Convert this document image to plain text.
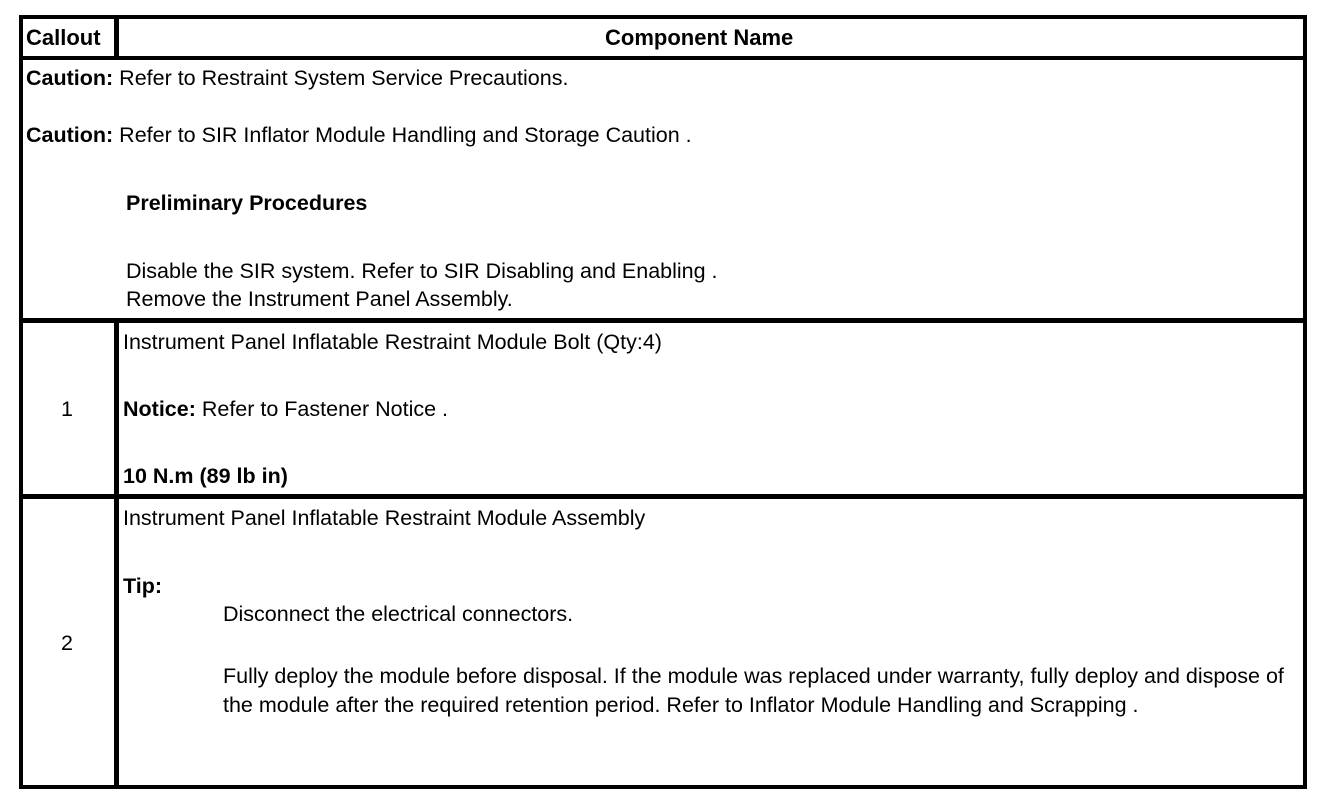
Callout	Component Name
Caution: Refer to Restraint System Service Precautions.
Caution: Refer to SIR Inflator Module Handling and Storage Caution .
Preliminary Procedures
Disable the SIR system. Refer to SIR Disabling and Enabling .
Remove the Instrument Panel Assembly.
1
Instrument Panel Inflatable Restraint Module Bolt (Qty:4)
Notice: Refer to Fastener Notice .
10 N.m (89 lb in)
2
Instrument Panel Inflatable Restraint Module Assembly
Tip:
Disconnect the electrical connectors.
Fully deploy the module before disposal. If the module was replaced under warranty, fully deploy and dispose of the module after the required retention period. Refer to Inflator Module Handling and Scrapping .
